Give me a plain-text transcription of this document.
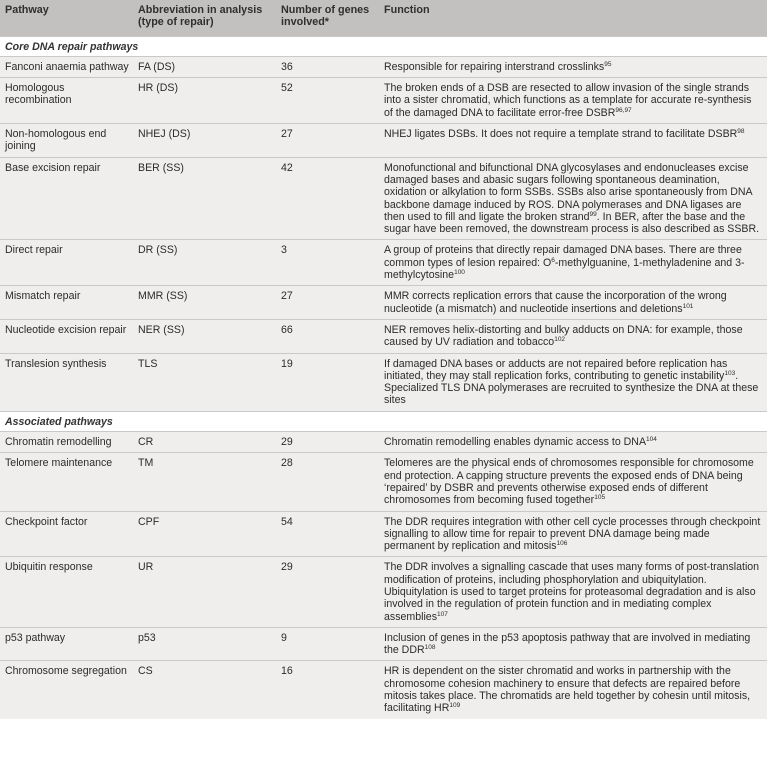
Pathway	Abbreviation in analysis (type of repair)	Number of genes involved*	Function
Core DNA repair pathways			
Fanconi anaemia pathway	FA (DS)	36	Responsible for repairing interstrand crosslinks$^{95}$
Homologous recombination	HR (DS)	52	The broken ends of a DSB are resected to allow invasion of the single strands into a sister chromatid, which functions as a template for accurate re-synthesis of the damaged DNA to facilitate error-free DSBR$^{96,97}$
Non-homologous end joining	NHEJ (DS)	27	NHEJ ligates DSBs. It does not require a template strand to facilitate DSBR$^{98}$
Base excision repair	BER (SS)	42	Monofunctional and bifunctional DNA glycosylases and endonucleases excise damaged bases and abasic sugars following spontaneous deamination, oxidation or alkylation to form SSBs. SSBs also arise spontaneously from DNA backbone damage induced by ROS. DNA polymerases and DNA ligases are then used to fill and ligate the broken strand$^{99}$. In BER, after the base and the sugar have been removed, the downstream process is also described as SSBR.
Direct repair	DR (SS)	3	A group of proteins that directly repair damaged DNA bases. There are three common types of lesion repaired: $O^6$-methylguanine, 1-methyladenine and 3-methylcytosine$^{100}$
Mismatch repair	MMR (SS)	27	MMR corrects replication errors that cause the incorporation of the wrong nucleotide (a mismatch) and nucleotide insertions and deletions$^{101}$
Nucleotide excision repair	NER (SS)	66	NER removes helix-distorting and bulky adducts on DNA: for example, those caused by UV radiation and tobacco$^{102}$
Translesion synthesis	TLS	19	If damaged DNA bases or adducts are not repaired before replication has initiated, they may stall replication forks, contributing to genetic instability$^{103}$. Specialized TLS DNA polymerases are recruited to synthesize the DNA at these sites
Associated pathways			
Chromatin remodelling	CR	29	Chromatin remodelling enables dynamic access to DNA$^{104}$
Telomere maintenance	TM	28	Telomeres are the physical ends of chromosomes responsible for chromosome end protection. A capping structure prevents the exposed ends of DNA being ‘repaired’ by DSBR and prevents otherwise exposed ends of different chromosomes from becoming fused together$^{105}$
Checkpoint factor	CPF	54	The DDR requires integration with other cell cycle processes through checkpoint signalling to allow time for repair to prevent DNA damage being made permanent by replication and mitosis$^{106}$
Ubiquitin response	UR	29	The DDR involves a signalling cascade that uses many forms of post-translation modification of proteins, including phosphorylation and ubiquitylation. Ubiquitylation is used to target proteins for proteasomal degradation and is also involved in the regulation of protein function and in mediating complex assemblies$^{107}$
p53 pathway	p53	9	Inclusion of genes in the p53 apoptosis pathway that are involved in mediating the DDR$^{108}$
Chromosome segregation	CS	16	HR is dependent on the sister chromatid and works in partnership with the chromosome cohesion machinery to ensure that defects are repaired before mitosis takes place. The chromatids are held together by cohesin until mitosis, facilitating HR$^{109}$
